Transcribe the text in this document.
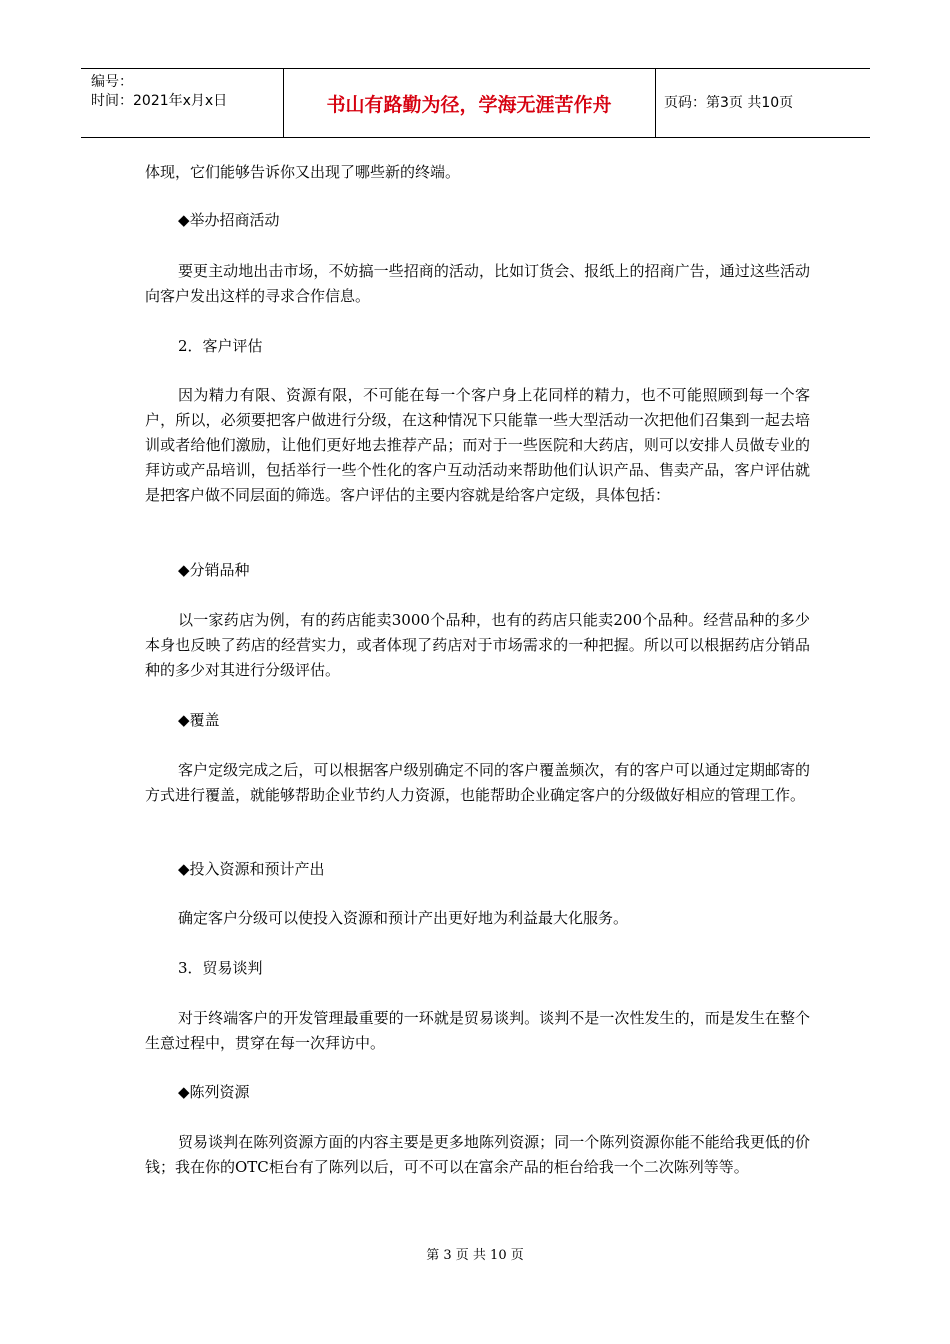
编号：
时间：2021年x月x日	书山有路勤为径，学海无涯苦作舟	页码：第3页 共10页
体现，它们能够告诉你又出现了哪些新的终端。
◆举办招商活动
要更主动地出击市场，不妨搞一些招商的活动，比如订货会、报纸上的招商广告，通过这些活动向客户发出这样的寻求合作信息。
2．客户评估
因为精力有限、资源有限，不可能在每一个客户身上花同样的精力，也不可能照顾到每一个客户，所以，必须要把客户做进行分级，在这种情况下只能靠一些大型活动一次把他们召集到一起去培训或者给他们激励，让他们更好地去推荐产品；而对于一些医院和大药店，则可以安排人员做专业的拜访或产品培训，包括举行一些个性化的客户互动活动来帮助他们认识产品、售卖产品，客户评估就是把客户做不同层面的筛选。客户评估的主要内容就是给客户定级，具体包括：
◆分销品种
以一家药店为例，有的药店能卖3000个品种，也有的药店只能卖200个品种。经营品种的多少本身也反映了药店的经营实力，或者体现了药店对于市场需求的一种把握。所以可以根据药店分销品种的多少对其进行分级评估。
◆覆盖
客户定级完成之后，可以根据客户级别确定不同的客户覆盖频次，有的客户可以通过定期邮寄的方式进行覆盖，就能够帮助企业节约人力资源，也能帮助企业确定客户的分级做好相应的管理工作。
◆投入资源和预计产出
确定客户分级可以使投入资源和预计产出更好地为利益最大化服务。
3．贸易谈判
对于终端客户的开发管理最重要的一环就是贸易谈判。谈判不是一次性发生的，而是发生在整个生意过程中，贯穿在每一次拜访中。
◆陈列资源
贸易谈判在陈列资源方面的内容主要是更多地陈列资源；同一个陈列资源你能不能给我更低的价钱；我在你的OTC柜台有了陈列以后，可不可以在富余产品的柜台给我一个二次陈列等等。
第 3 页 共 10 页
